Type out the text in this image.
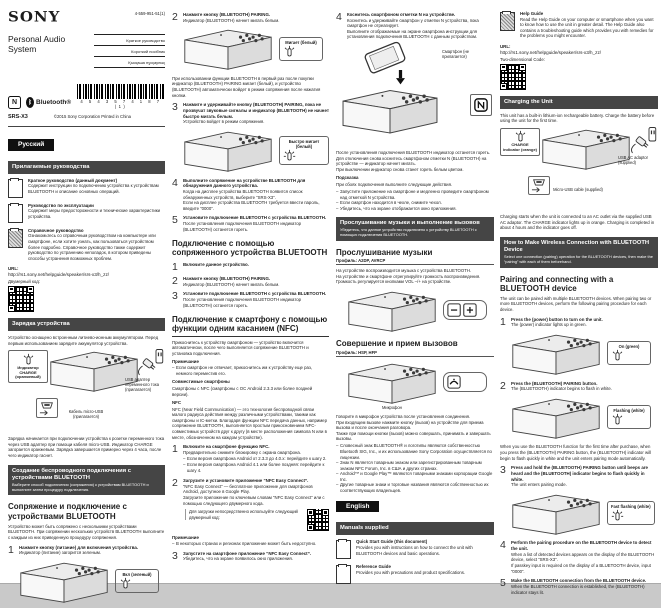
SONY	4-559-951-51(1)
Personal Audio System
Краткое руководство
Короткий посібник
Қысқаша нұсқаулық
N	ᛒ Bluetooth®	4 5 4 3 5 7 4 1 8 7 (1)
SRS-X3	©2015 Sony Corporation Printed in China
Русский
Прилагаемые руководства
Краткое руководство (данный документ)
Содержит инструкции по подключению устройства к устройствам BLUETOOTH и описание основных операций.
Руководство по эксплуатации
Содержит меры предосторожности и технические характеристики устройства.
Справочное руководство
Ознакомьтесь со справочным руководством на компьютере или смартфоне, если хотите узнать, как пользоваться устройством более подробно. Справочное руководство также содержит руководство по устранению неполадок, в котором приведены способы устранения возможных проблем.
URL:
http://rs1.sony.net/helpguide/speaker/srs-x3/h_zz/
Двумерный код:
Зарядка устройства
Устройство оснащено встроенным литиево-ионным аккумулятором. Перед первым использованием зарядите аккумулятор устройства.
Индикатор CHARGE (оранжевый)
Кабель micro-USB (прилагается)
USB адаптер переменного тока (прилагается)
Зарядка начинается при подключении устройства к розетке переменного тока через USB адаптер при помощи кабеля micro-USB. Индикатор CHARGE загорается оранжевым. Зарядка завершается примерно через 4 часа, после чего индикатор гаснет.
Создание беспроводного подключения с устройствами BLUETOOTH
Выберите способ подключения (сопряжения) к устройствам BLUETOOTH и выполните затем процедуру подключения.
Сопряжение и подключение с устройствами BLUETOOTH
Устройство может быть сопряжено с несколькими устройствами BLUETOOTH. При сопряжении нескольких устройств BLUETOOTH выполните с каждым из них приведенную процедуру сопряжения.
1	Нажмите кнопку (питание) для включения устройства.
Индикатор (питание) загорится зеленым.
Вкл (зеленый)
2	Нажмите кнопку (BLUETOOTH) PAIRING.
Индикатор (BLUETOOTH) начнет мигать белым.
Мигает (белый)
При использовании функции BLUETOOTH в первый раз после покупки индикатор (BLUETOOTH) PAIRING мигает (белый), и устройство (BLUETOOTH) автоматически войдет в режим сопряжения после нажатия кнопки.
3	Нажмите и удерживайте кнопку (BLUETOOTH) PAIRING, пока не прозвучат звуковые сигналы и индикатор (BLUETOOTH) не начнет быстро мигать белым.
Устройство войдет в режим сопряжения.
Быстро мигает (белый)
4	Выполните сопряжение на устройстве BLUETOOTH для обнаружения данного устройства.
Когда на дисплее устройства BLUETOOTH появится список обнаруженных устройств, выберите “SRS-X3”.
Если на дисплее устройства BLUETOOTH требуется ввести пароль, введите “0000”.
5	Установите подключение BLUETOOTH с устройства BLUETOOTH.
После установления подключения BLUETOOTH индикатор (BLUETOOTH) останется гореть.
Подключение с помощью сопряженного устройства BLUETOOTH
1	Включите данное устройство.
2	Нажмите кнопку (BLUETOOTH) PAIRING.
Индикатор (BLUETOOTH) начнет мигать белым.
3	Установите подключение BLUETOOTH с устройства BLUETOOTH.
После установления подключения BLUETOOTH индикатор (BLUETOOTH) останется гореть.
Подключение к смартфону с помощью функции одним касанием (NFC)
Прикоснитесь к устройству смартфоном — устройство включится автоматически, после чего выполняется сопряжение BLUETOOTH и установка подключения.
Примечание
– Если смартфон не отвечает, прикоснитесь им к устройству еще раз, немного переместив его.
Совместимые смартфоны
Смартфоны с NFC (смартфоны с ОС Android 2.3.3 или более поздней версии).
NFC
NFC (Near Field Communication) — это технология беспроводной связи малого радиуса действия между различными устройствами, такими как смартфоны и IC-метки. Благодаря функции NFC передача данных, например сопряжение BLUETOOTH, выполняется простым прикосновением NFC-совместимых устройств друг к другу (в месте расположения символа N или в месте, обозначенном на каждом устройстве).
1	Включите на смартфоне функцию NFC.
Предварительно снимите блокировку с экрана смартфона.
– Если версия смартфона Android от 2.3.3 до 4.0.x: перейдите к шагу 2.
– Если версия смартфона Android 4.1 или более поздняя: перейдите к шагу 4.
2	Загрузите и установите приложение “NFC Easy Connect”.
“NFC Easy Connect” — бесплатное приложение для смартфонов Android, доступное в Google Play.
Загрузите приложение по ключевым словам “NFC Easy Connect” или с помощью следующего двумерного кода.
Для загрузки непосредственно используйте следующий двумерный код:
Примечание
– В некоторых странах и регионах приложение может быть недоступно.
3	Запустите на смартфоне приложение “NFC Easy Connect”.
Убедитесь, что на экране появилось окно приложения.
4	Коснитесь смартфоном отметки N на устройстве.
Коснитесь и удерживайте смартфон у отметки N устройства, пока смартфон не отреагирует.
Выполните отображаемые на экране смартфона инструкции для установления подключения BLUETOOTH с данным устройством.
Смартфон (не прилагается)
После установления подключения BLUETOOTH индикатор останется гореть.
Для отключения снова коснитесь смартфоном отметки N (BLUETOOTH) на устройстве — индикатор начнет мигать.
При выключении индикатор снова станет гореть белым цветом.
Подсказка
При сбоях подключения выполните следующие действия.
– Запустите приложение на смартфоне и медленно проведите смартфоном над отметкой N устройства.
– Если смартфон находится в чехле, снимите чехол.
– Убедитесь, что на экране отображается окно приложения.
Прослушивание музыки и выполнение вызовов
Убедитесь, что данное устройство подключено к устройству BLUETOOTH с помощью подключения BLUETOOTH.
Прослушивание музыки
Профиль: A2DP, AVRCP
На устройстве воспроизводится музыка с устройства BLUETOOTH.
На устройстве и смартфоне отрегулируйте громкость воспроизведения. Громкость регулируется кнопками VOL –/+ на устройстве.
Совершение и прием вызовов
Профиль: HSP, HFP
Микрофон
Говорите в микрофон устройства после установления соединения.
При входящем вызове нажмите кнопку (вызов) на устройстве для приема вызова и после окончания разговора.
Также при помощи кнопки (вызов) можно совершать, принимать и завершать вызовы.
– Словесный знак BLUETOOTH® и логотипы являются собственностью Bluetooth SIG, Inc., и их использование Sony Corporation осуществляется по лицензии.
– Знак N является товарным знаком или зарегистрированным товарным знаком NFC Forum, Inc. в США и других странах.
– Android™ и Google Play™ являются товарными знаками корпорации Google Inc.
– Другие товарные знаки и торговые названия являются собственностью их соответствующих владельцев.
English
Manuals supplied
Quick Start Guide (this document)
Provides you with instructions on how to connect the unit with BLUETOOTH devices and basic operations.
Reference Guide
Provides you with precautions and product specifications.
Help Guide
Read the Help Guide on your computer or smartphone when you want to know how to use the unit in greater detail. The Help Guide also contains a troubleshooting guide which provides you with remedies for the problems you might encounter.
URL:
http://rs1.sony.net/helpguide/speaker/srs-x3/h_zz/
Two-dimensional Code:
Charging the Unit
This unit has a built-in lithium-ion rechargeable battery. Charge the battery before using the unit for the first time.
CHARGE indicator (orange)
Micro-USB cable (supplied)
USB AC adaptor (supplied)
Charging starts when the unit is connected to an AC outlet via the supplied USB AC adaptor. The CHARGE indicator lights up in orange. Charging is completed in about 4 hours and the indicator goes off.
How to Make Wireless Connection with BLUETOOTH Device
Select one connection (pairing) operation for the BLUETOOTH devices, then make the “pairing” with each of them beforehand.
Pairing and connecting with a BLUETOOTH device
The unit can be paired with multiple BLUETOOTH devices. When pairing two or more BLUETOOTH devices, perform the following pairing procedure for each device.
1	Press the (power) button to turn on the unit.
The (power) indicator lights up in green.
On (green)
2	Press the (BLUETOOTH) PAIRING button.
The (BLUETOOTH) indicator begins to flash in white.
Flashing (white)
When you use the BLUETOOTH function for the first time after purchase, when you press the (BLUETOOTH) PAIRING button, the (BLUETOOTH) indicator will begin to flash quickly in white and the unit enters pairing mode automatically.
3	Press and hold the (BLUETOOTH) PAIRING button until beeps are heard and the (BLUETOOTH) indicator begins to flash quickly in white.
The unit enters pairing mode.
Fast flashing (white)
4	Perform the pairing procedure on the BLUETOOTH device to detect the unit.
When a list of detected devices appears on the display of the BLUETOOTH device, select “SRS-X3”.
If passkey input is required on the display of a BLUETOOTH device, input “0000”.
5	Make the BLUETOOTH connection from the BLUETOOTH device.
When the BLUETOOTH connection is established, the (BLUETOOTH) indicator stays lit.
